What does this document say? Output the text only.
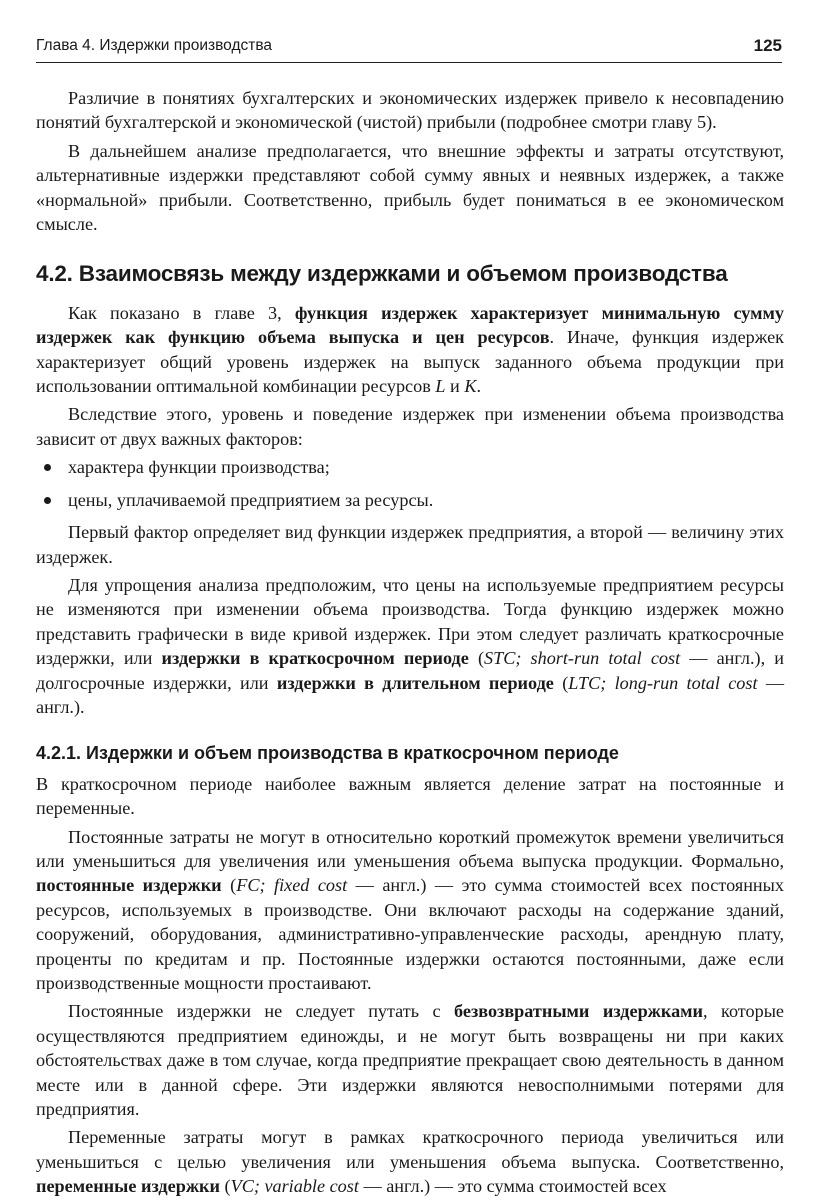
Глава 4. Издержки производства	125

Различие в понятиях бухгалтерских и экономических издержек привело к несовпадению понятий бухгалтерской и экономической (чистой) прибыли (подробнее смотри главу 5).

В дальнейшем анализе предполагается, что внешние эффекты и затраты отсутствуют, альтернативные издержки представляют собой сумму явных и неявных издержек, а также «нормальной» прибыли. Соответственно, прибыль будет пониматься в ее экономическом смысле.

4.2. Взаимосвязь между издержками и объемом производства

Как показано в главе 3, функция издержек характеризует минимальную сумму издержек как функцию объема выпуска и цен ресурсов. Иначе, функция издержек характеризует общий уровень издержек на выпуск заданного объема продукции при использовании оптимальной комбинации ресурсов L и K.

Вследствие этого, уровень и поведение издержек при изменении объема производства зависит от двух важных факторов:

характера функции производства;
цены, уплачиваемой предприятием за ресурсы.

Первый фактор определяет вид функции издержек предприятия, а второй — величину этих издержек.

Для упрощения анализа предположим, что цены на используемые предприятием ресурсы не изменяются при изменении объема производства. Тогда функцию издержек можно представить графически в виде кривой издержек. При этом следует различать краткосрочные издержки, или издержки в краткосрочном периоде (STC; short-run total cost — англ.), и долгосрочные издержки, или издержки в длительном периоде (LTC; long-run total cost — англ.).

4.2.1. Издержки и объем производства в краткосрочном периоде

В краткосрочном периоде наиболее важным является деление затрат на постоянные и переменные.

Постоянные затраты не могут в относительно короткий промежуток времени увеличиться или уменьшиться для увеличения или уменьшения объема выпуска продукции. Формально, постоянные издержки (FC; fixed cost — англ.) — это сумма стоимостей всех постоянных ресурсов, используемых в производстве. Они включают расходы на содержание зданий, сооружений, оборудования, административно-управленческие расходы, арендную плату, проценты по кредитам и пр. Постоянные издержки остаются постоянными, даже если производственные мощности простаивают.

Постоянные издержки не следует путать с безвозвратными издержками, которые осуществляются предприятием единожды, и не могут быть возвращены ни при каких обстоятельствах даже в том случае, когда предприятие прекращает свою деятельность в данном месте или в данной сфере. Эти издержки являются невосполнимыми потерями для предприятия.

Переменные затраты могут в рамках краткосрочного периода увеличиться или уменьшиться с целью увеличения или уменьшения объема выпуска. Соответственно, переменные издержки (VC; variable cost — англ.) — это сумма стоимостей всех
